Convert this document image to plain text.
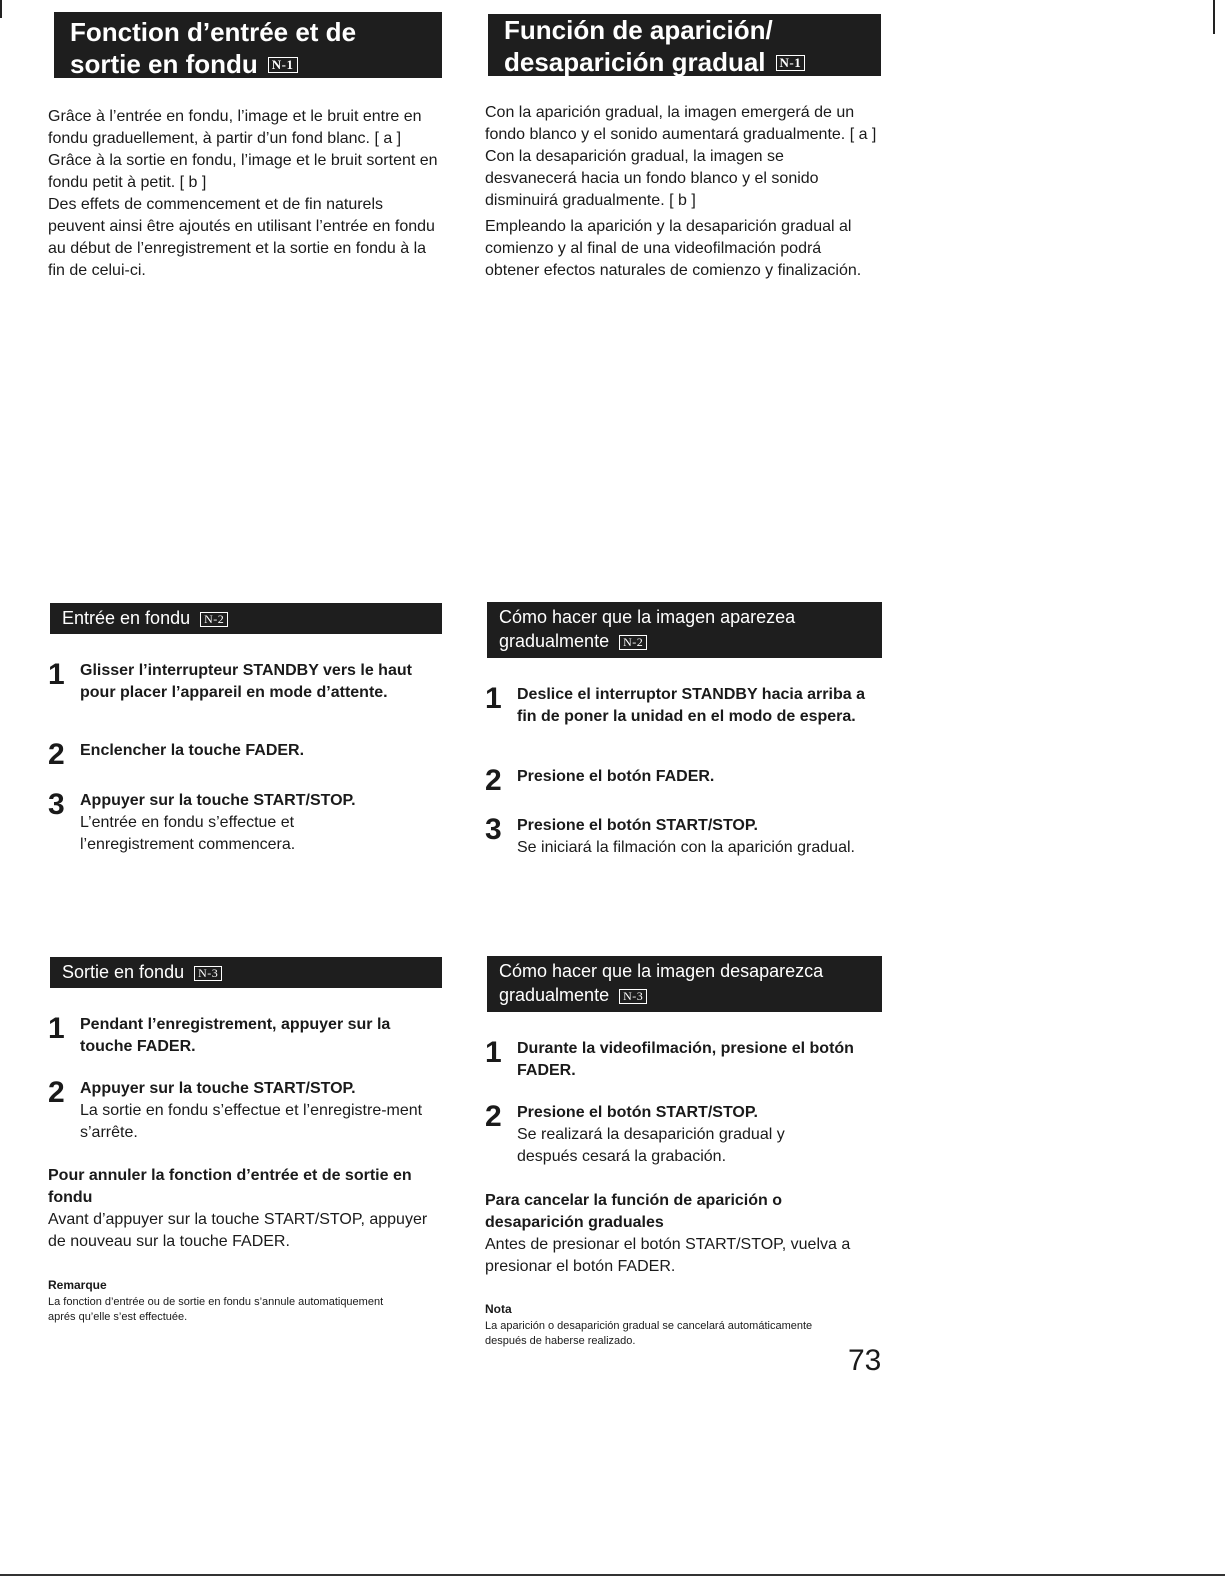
Fonction d’entrée et de sortie en fondu N-1

Grâce à l’entrée en fondu, l’image et le bruit entre en fondu graduellement, à partir d’un fond blanc. [ a ]

Grâce à la sortie en fondu, l’image et le bruit sortent en fondu petit à petit. [ b ]

Des effets de commencement et de fin naturels peuvent ainsi être ajoutés en utilisant l’entrée en fondu au début de l’enregistrement et la sortie en fondu à la fin de celui-ci.

Entrée en fondu N-2
1 Glisser l’interrupteur STANDBY vers le haut pour placer l’appareil en mode d’attente.
2 Enclencher la touche FADER.
3 Appuyer sur la touche START/STOP.
L’entrée en fondu s’effectue et l’enregistrement commencera.
Sortie en fondu N-3
1 Pendant l’enregistrement, appuyer sur la touche FADER.
2 Appuyer sur la touche START/STOP.
La sortie en fondu s’effectue et l’enregistre-ment s’arrête.
Pour annuler la fonction d’entrée et de sortie en fondu
Avant d’appuyer sur la touche START/STOP, appuyer de nouveau sur la touche FADER.
Remarque
La fonction d’entrée ou de sortie en fondu s’annule automatiquement aprés qu’elle s’est effectuée.
Función de aparición/ desaparición gradual N-1

Con la aparición gradual, la imagen emergerá de un fondo blanco y el sonido aumentará gradualmente. [ a ]

Con la desaparición gradual, la imagen se desvanecerá hacia un fondo blanco y el sonido disminuirá gradualmente. [ b ]

Empleando la aparición y la desaparición gradual al comienzo y al final de una videofilmación podrá obtener efectos naturales de comienzo y finalización.

Cómo hacer que la imagen aparezea gradualmente N-2
1 Deslice el interruptor STANDBY hacia arriba a fin de poner la unidad en el modo de espera.
2 Presione el botón FADER.
3 Presione el botón START/STOP.
Se iniciará la filmación con la aparición gradual.
Cómo hacer que la imagen desaparezca gradualmente N-3
1 Durante la videofilmación, presione el botón FADER.
2 Presione el botón START/STOP.
Se realizará la desaparición gradual y después cesará la grabación.
Para cancelar la función de aparición o desaparición graduales
Antes de presionar el botón START/STOP, vuelva a presionar el botón FADER.
Nota
La aparición o desaparición gradual se cancelará automáticamente después de haberse realizado.
73
